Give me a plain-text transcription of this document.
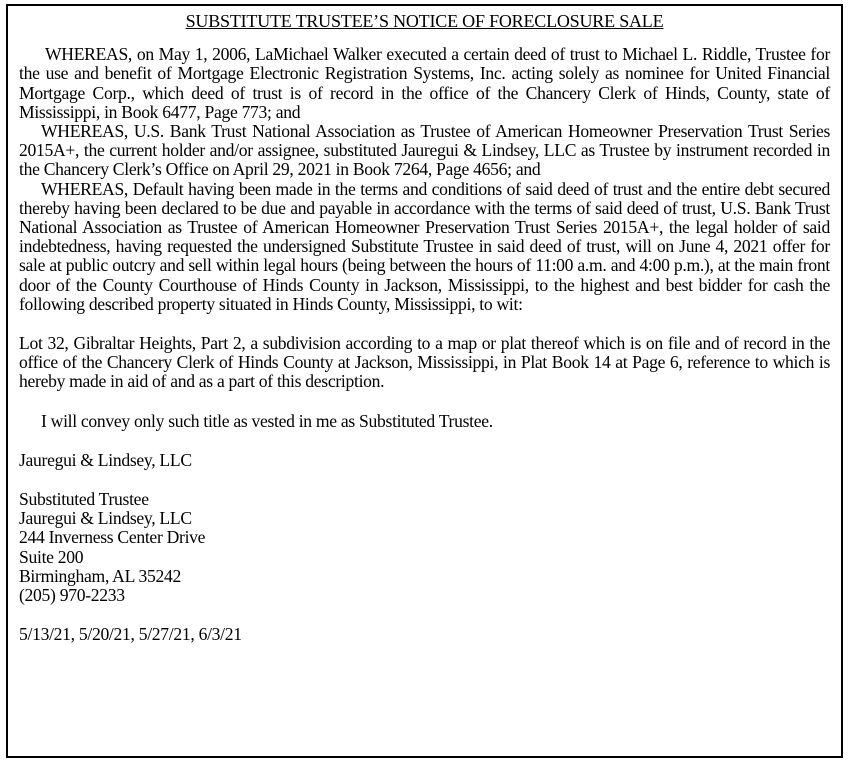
SUBSTITUTE TRUSTEE’S NOTICE OF FORECLOSURE SALE

WHEREAS, on May 1, 2006, LaMichael Walker executed a certain deed of trust to Michael L. Riddle, Trustee for the use and benefit of Mortgage Electronic Registration Systems, Inc. acting solely as nominee for United Financial Mortgage Corp., which deed of trust is of record in the office of the Chancery Clerk of Hinds, County, state of Mississippi, in Book 6477, Page 773; and

WHEREAS, U.S. Bank Trust National Association as Trustee of American Homeowner Preservation Trust Series 2015A+, the current holder and/or assignee, substituted Jauregui & Lindsey, LLC as Trustee by instrument recorded in the Chancery Clerk’s Office on April 29, 2021 in Book 7264, Page 4656; and

WHEREAS, Default having been made in the terms and conditions of said deed of trust and the entire debt secured thereby having been declared to be due and payable in accordance with the terms of said deed of trust, U.S. Bank Trust National Association as Trustee of American Homeowner Preservation Trust Series 2015A+, the legal holder of said indebtedness, having requested the undersigned Substitute Trustee in said deed of trust, will on June 4, 2021 offer for sale at public outcry and sell within legal hours (being between the hours of 11:00 a.m. and 4:00 p.m.), at the main front door of the County Courthouse of Hinds County in Jackson, Mississippi, to the highest and best bidder for cash the following described property situated in Hinds County, Mississippi, to wit:

Lot 32, Gibraltar Heights, Part 2, a subdivision according to a map or plat thereof which is on file and of record in the office of the Chancery Clerk of Hinds County at Jackson, Mississippi, in Plat Book 14 at Page 6, reference to which is hereby made in aid of and as a part of this description.

I will convey only such title as vested in me as Substituted Trustee.

Jauregui & Lindsey, LLC

Substituted Trustee
Jauregui & Lindsey, LLC
244 Inverness Center Drive
Suite 200
Birmingham, AL 35242
(205) 970-2233

5/13/21, 5/20/21, 5/27/21, 6/3/21
